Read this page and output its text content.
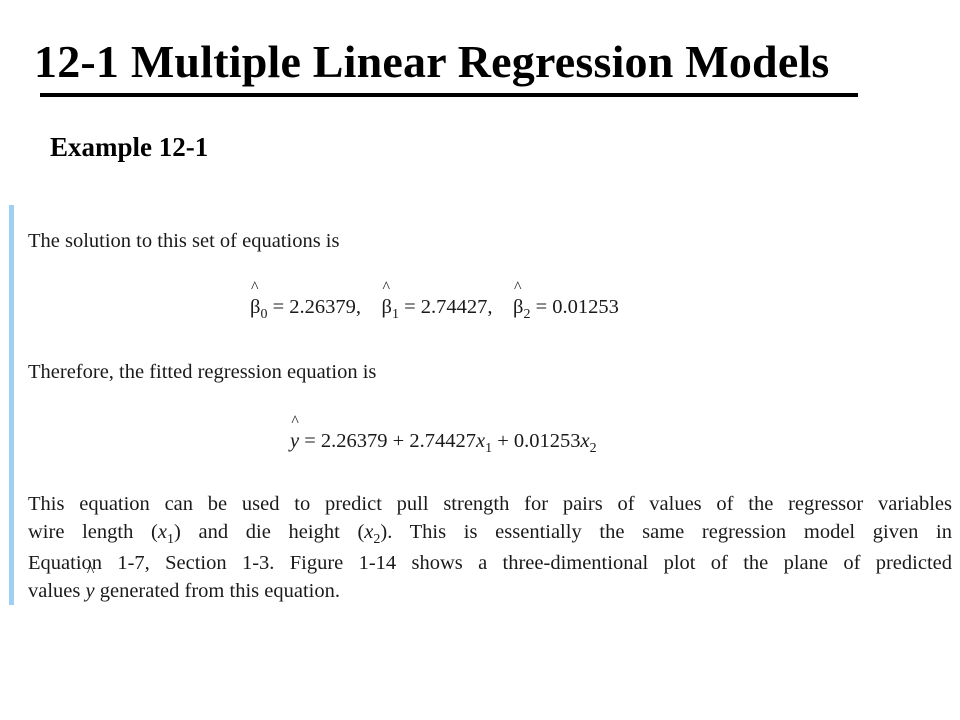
12-1 Multiple Linear Regression Models
Example 12-1
The solution to this set of equations is
^ $\beta_0 = 2.26379$, ^ $\beta_1 = 2.74427$, ^ $\beta_2 = 0.01253$
Therefore, the fitted regression equation is
^ $y = 2.26379 + 2.74427x_1 + 0.01253x_2$
This equation can be used to predict pull strength for pairs of values of the regressor variables
wire length $(x_1)$ and die height $(x_2)$. This is essentially the same regression model given in
Equation 1-7, Section 1-3. Figure 1-14 shows a three-dimentional plot of the plane of predicted
values ^ y generated from this equation.
